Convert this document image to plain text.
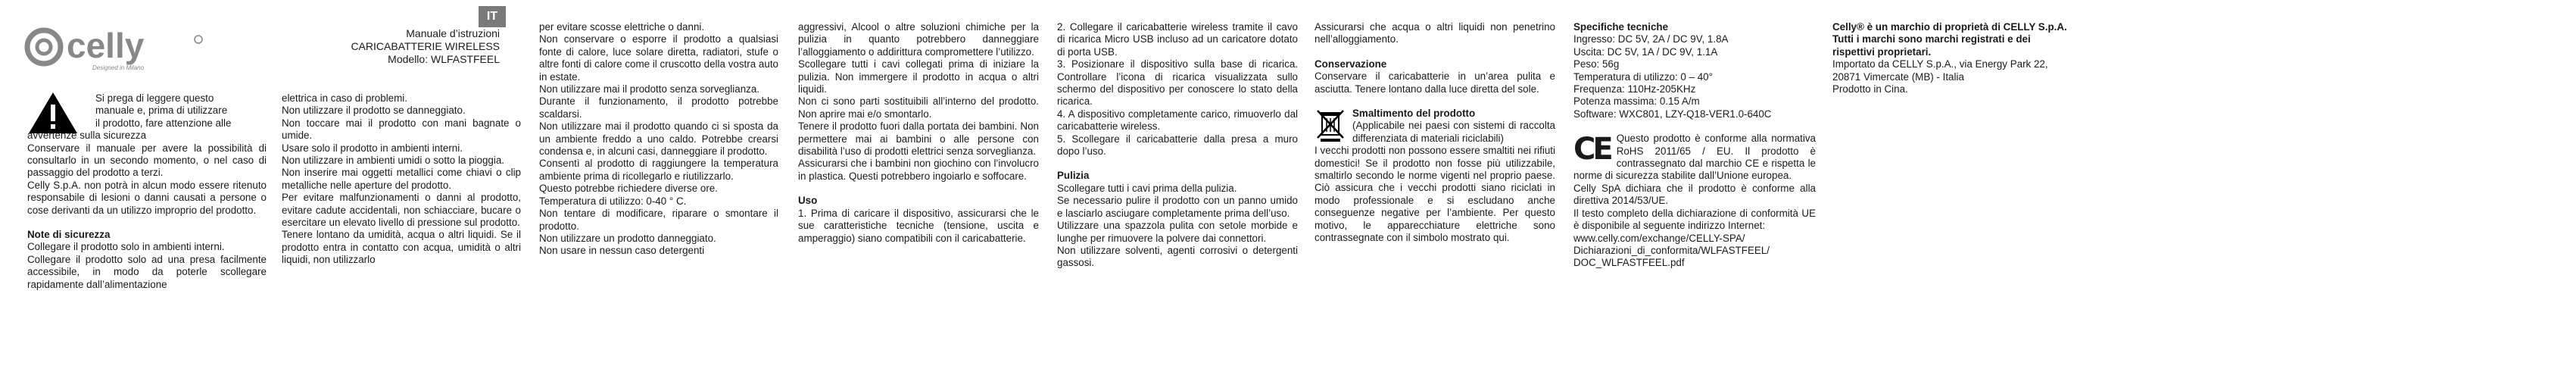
celly
Designed in Milano
IT
Manuale d’istruzioni
CARICABATTERIE WIRELESS
Modello: WLFASTFEEL

Si prega di leggere questo

manuale e, prima di utilizzare

il prodotto, fare attenzione alle

avvertenze sulla sicurezza

Conservare il manuale per avere la possibilità di consultarlo in un secondo momento, o nel caso di passaggio del prodotto a terzi.

Celly S.p.A. non potrà in alcun modo essere ritenuto responsabile di lesioni o danni causati a persone o cose derivanti da un utilizzo improprio del prodotto.

Note di sicurezza

Collegare il prodotto solo in ambienti interni.

Collegare il prodotto solo ad una presa facilmente accessibile, in modo da poterle scollegare rapidamente dall’alimentazione

elettrica in caso di problemi.

Non utilizzare il prodotto se danneggiato.

Non toccare mai il prodotto con mani bagnate o umide.

Usare solo il prodotto in ambienti interni.

Non utilizzare in ambienti umidi o sotto la pioggia.

Non inserire mai oggetti metallici come chiavi o clip metalliche nelle aperture del prodotto.

Per evitare malfunzionamenti o danni al prodotto, evitare cadute accidentali, non schiacciare, bucare o esercitare un elevato livello di pressione sul prodotto.

Tenere lontano da umidità, acqua o altri liquidi. Se il prodotto entra in contatto con acqua, umidità o altri liquidi, non utilizzarlo

per evitare scosse elettriche o danni.

Non conservare o esporre il prodotto a qualsiasi fonte di calore, luce solare diretta, radiatori, stufe o altre fonti di calore come il cruscotto della vostra auto in estate.

Non utilizzare mai il prodotto senza sorveglianza.

Durante il funzionamento, il prodotto potrebbe scaldarsi.

Non utilizzare mai il prodotto quando ci si sposta da un ambiente freddo a uno caldo. Potrebbe crearsi condensa e, in alcuni casi, danneggiare il prodotto.

Consentì al prodotto di raggiungere la temperatura ambiente prima di ricollegarlo e riutilizzarlo.

Questo potrebbe richiedere diverse ore.

Temperatura di utilizzo: 0-40 ° C.

Non tentare di modificare, riparare o smontare il prodotto.

Non utilizzare un prodotto danneggiato.

Non usare in nessun caso detergenti

aggressivi, Alcool o altre soluzioni chimiche per la pulizia in quanto potrebbero danneggiare l’alloggiamento o addirittura compromettere l’utilizzo.

Scollegare tutti i cavi collegati prima di iniziare la pulizia. Non immergere il prodotto in acqua o altri liquidi.

Non ci sono parti sostituibili all’interno del prodotto. Non aprire mai e/o smontarlo.

Tenere il prodotto fuori dalla portata dei bambini. Non permettere mai ai bambini o alle persone con disabilità l’uso di prodotti elettrici senza sorveglianza.

Assicurarsi che i bambini non giochino con l’involucro in plastica. Questi potrebbero ingoiarlo e soffocare.

Uso

1. Prima di caricare il dispositivo, assicurarsi che le sue caratteristiche tecniche (tensione, uscita e amperaggio) siano compatibili con il caricabatterie.

2. Collegare il caricabatterie wireless tramite il cavo di ricarica Micro USB incluso ad un caricatore dotato di porta USB.

3. Posizionare il dispositivo sulla base di ricarica. Controllare l’icona di ricarica visualizzata sullo schermo del dispositivo per conoscere lo stato della ricarica.

4. A dispositivo completamente carico, rimuoverlo dal caricabatterie wireless.

5. Scollegare il caricabatterie dalla presa a muro dopo l’uso.

Pulizia

Scollegare tutti i cavi prima della pulizia.

Se necessario pulire il prodotto con un panno umido e lasciarlo asciugare completamente prima dell’uso.

Utilizzare una spazzola pulita con setole morbide e lunghe per rimuovere la polvere dai connettori.

Non utilizzare solventi, agenti corrosivi o detergenti gassosi.

Assicurarsi che acqua o altri liquidi non penetrino nell’alloggiamento.

Conservazione

Conservare il caricabatterie in un’area pulita e asciutta. Tenere lontano dalla luce diretta del sole.

Smaltimento del prodotto

(Applicabile nei paesi con sistemi di raccolta differenziata di materiali riciclabili)

I vecchi prodotti non possono essere smaltiti nei rifiuti domestici! Se il prodotto non fosse più utilizzabile, smaltirlo secondo le norme vigenti nel proprio paese. Ciò assicura che i vecchi prodotti siano riciclati in modo professionale e si escludano anche conseguenze negative per l’ambiente. Per questo motivo, le apparecchiature elettriche sono contrassegnate con il simbolo mostrato qui.

Specifiche tecniche

Ingresso: DC 5V, 2A / DC 9V, 1.8A

Uscita: DC 5V, 1A / DC 9V, 1.1A

Peso: 56g

Temperatura di utilizzo: 0 – 40°

Frequenza: 110Hz-205KHz

Potenza massima: 0.15 A/m

Software: WXC801, LZY-Q18-VER1.0-640C

CE Questo prodotto è conforme alla normativa RoHS 2011/65 / EU. Il prodotto è contrassegnato dal marchio CE e rispetta le norme di sicurezza stabilite dall’Unione europea.

Celly SpA dichiara che il prodotto è conforme alla direttiva 2014/53/UE.

Il testo completo della dichiarazione di conformità UE è disponibile al seguente indirizzo Internet:

www.celly.com/exchange/CELLY-SPA/

Dichiarazioni_di_conformita/WLFASTFEEL/

DOC_WLFASTFEEL.pdf

Celly® è un marchio di proprietà di CELLY S.p.A.

Tutti i marchi sono marchi registrati e dei rispettivi proprietari.

Importato da CELLY S.p.A., via Energy Park 22,

20871 Vimercate (MB) - Italia

Prodotto in Cina.
